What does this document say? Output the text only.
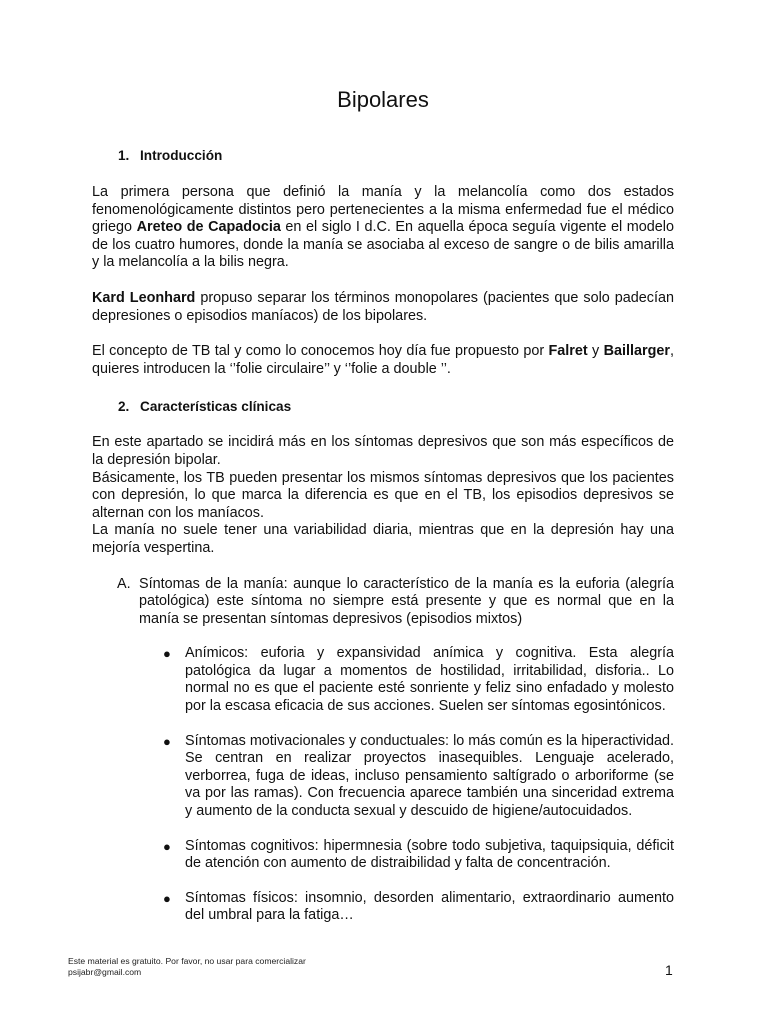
Bipolares
1. Introducción

La primera persona que definió la manía y la melancolía como dos estados fenomenológicamente distintos pero pertenecientes a la misma enfermedad fue el médico griego Areteo de Capadocia en el siglo I d.C. En aquella época seguía vigente el modelo de los cuatro humores, donde la manía se asociaba al exceso de sangre o de bilis amarilla y la melancolía a la bilis negra.

Kard Leonhard propuso separar los términos monopolares (pacientes que solo padecían depresiones o episodios maníacos) de los bipolares.

El concepto de TB tal y como lo conocemos hoy día fue propuesto por Falret y Baillarger, quieres introducen la ‘’folie circulaire’’ y ‘’folie a double ’’.

2. Características clínicas

En este apartado se incidirá más en los síntomas depresivos que son más específicos de la depresión bipolar.

Básicamente, los TB pueden presentar los mismos síntomas depresivos que los pacientes con depresión, lo que marca la diferencia es que en el TB, los episodios depresivos se alternan con los maníacos.

La manía no suele tener una variabilidad diaria, mientras que en la depresión hay una mejoría vespertina.

A. Síntomas de la manía: aunque lo característico de la manía es la euforia (alegría patológica) este síntoma no siempre está presente y que es normal que en la manía se presentan síntomas depresivos (episodios mixtos)
● Anímicos: euforia y expansividad anímica y cognitiva. Esta alegría patológica da lugar a momentos de hostilidad, irritabilidad, disforia.. Lo normal no es que el paciente esté sonriente y feliz sino enfadado y molesto por la escasa eficacia de sus acciones. Suelen ser síntomas egosintónicos.
● Síntomas motivacionales y conductuales: lo más común es la hiperactividad. Se centran en realizar proyectos inasequibles. Lenguaje acelerado, verborrea, fuga de ideas, incluso pensamiento saltígrado o arboriforme (se va por las ramas). Con frecuencia aparece también una sinceridad extrema y aumento de la conducta sexual y descuido de higiene/autocuidados.
● Síntomas cognitivos: hipermnesia (sobre todo subjetiva, taquipsiquia, déficit de atención con aumento de distraibilidad y falta de concentración.
● Síntomas físicos: insomnio, desorden alimentario, extraordinario aumento del umbral para la fatiga…
Este material es gratuito. Por favor, no usar para comercializar
psijabr@gmail.com	1
